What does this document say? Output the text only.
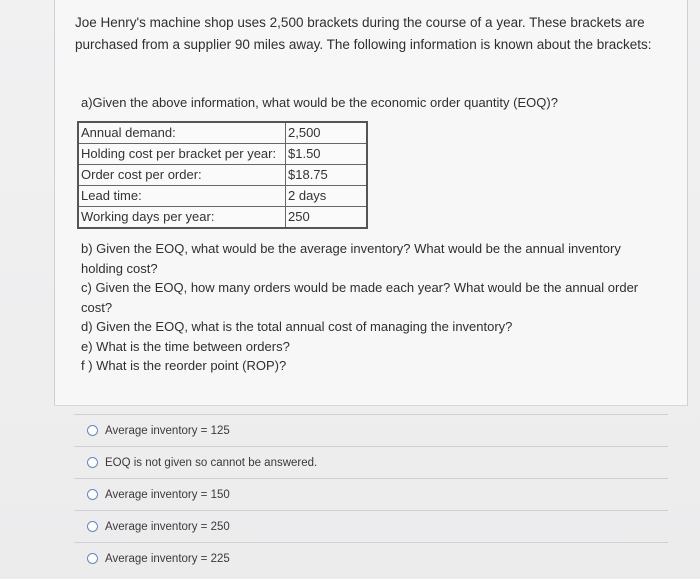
Joe Henry's machine shop uses 2,500 brackets during the course of a year. These brackets are purchased from a supplier 90 miles away. The following information is known about the brackets:
a)Given the above information, what would be the economic order quantity (EOQ)?
Annual demand:	2,500
Holding cost per bracket per year:	$1.50
Order cost per order:	$18.75
Lead time:	2 days
Working days per year:	250
b) Given the EOQ, what would be the average inventory? What would be the annual inventory
holding cost?
c) Given the EOQ, how many orders would be made each year? What would be the annual order
cost?
d) Given the EOQ, what is the total annual cost of managing the inventory?
e) What is the time between orders?
f ) What is the reorder point (ROP)?
Average inventory = 125
EOQ is not given so cannot be answered.
Average inventory = 150
Average inventory = 250
Average inventory = 225
